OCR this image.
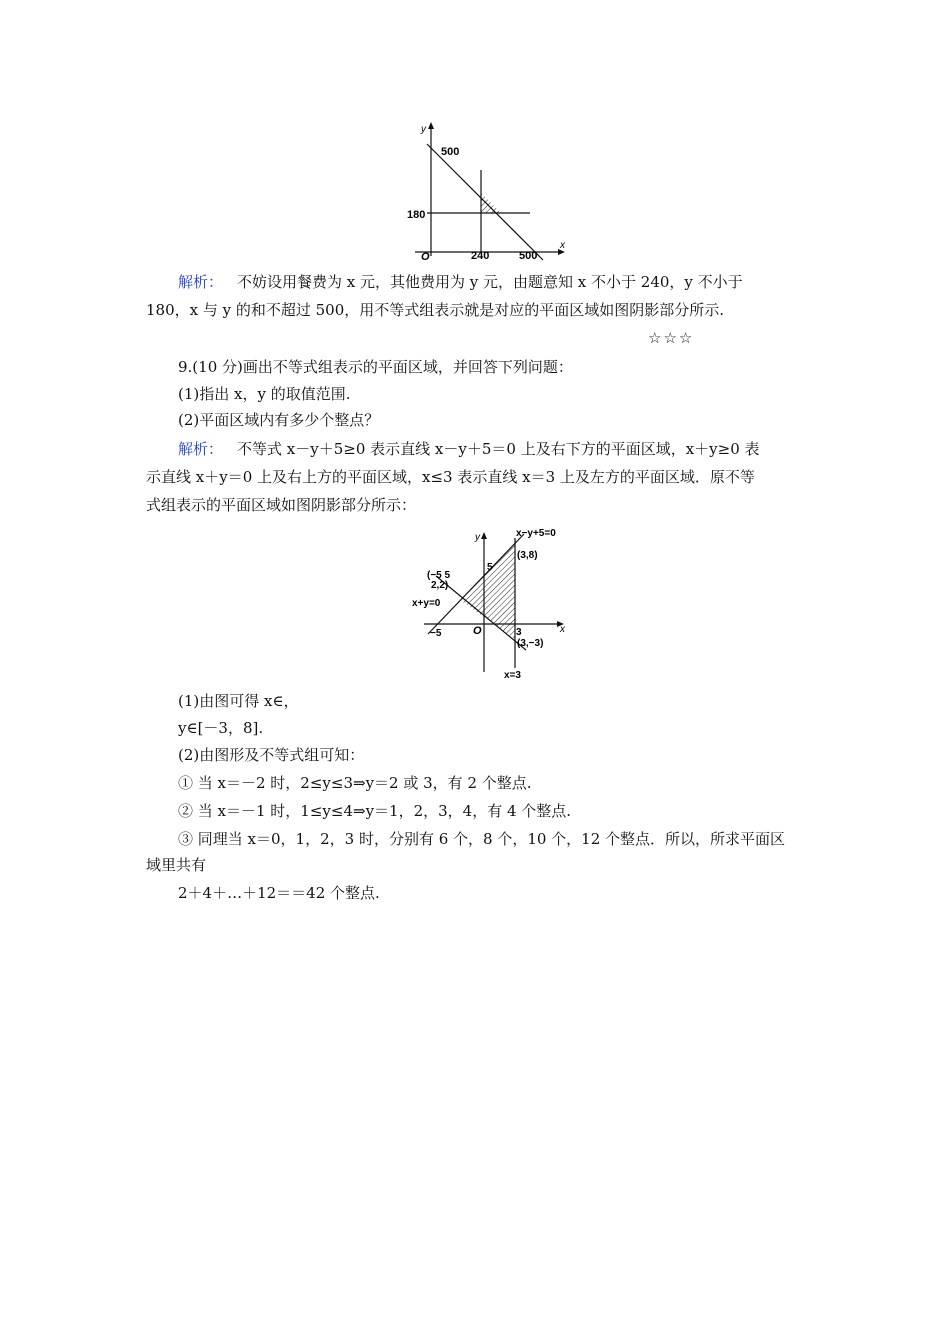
y
x
O
500
180
240	500
解析： 不妨设用餐费为 x 元，其他费用为 y 元，由题意知 x 不小于 240，y 不小于
180，x 与 y 的和不超过 500，用不等式组表示就是对应的平面区域如图阴影部分所示.
☆☆☆
9.(10 分)画出不等式组表示的平面区域，并回答下列问题：
(1)指出 x，y 的取值范围.
(2)平面区域内有多少个整点？
解析： 不等式 x－y＋5≥0 表示直线 x－y＋5＝0 上及右下方的平面区域，x＋y≥0 表
示直线 x＋y＝0 上及右上方的平面区域，x≤3 表示直线 x＝3 上及左方的平面区域．原不等
式组表示的平面区域如图阴影部分所示：
y
x
O
x−y+5=0
x+y=0
x=3
(3,8)
(3,−3)
(−5 5
2,2)
5
−5	3
(1)由图可得 x∈，
y∈[－3，8].
(2)由图形及不等式组可知：
① 当 x＝－2 时，2≤y≤3⇒y＝2 或 3，有 2 个整点.
② 当 x＝－1 时，1≤y≤4⇒y＝1，2，3，4，有 4 个整点.
③ 同理当 x＝0，1，2，3 时，分别有 6 个，8 个，10 个，12 个整点．所以，所求平面区
域里共有
2＋4＋…＋12＝＝42 个整点.
